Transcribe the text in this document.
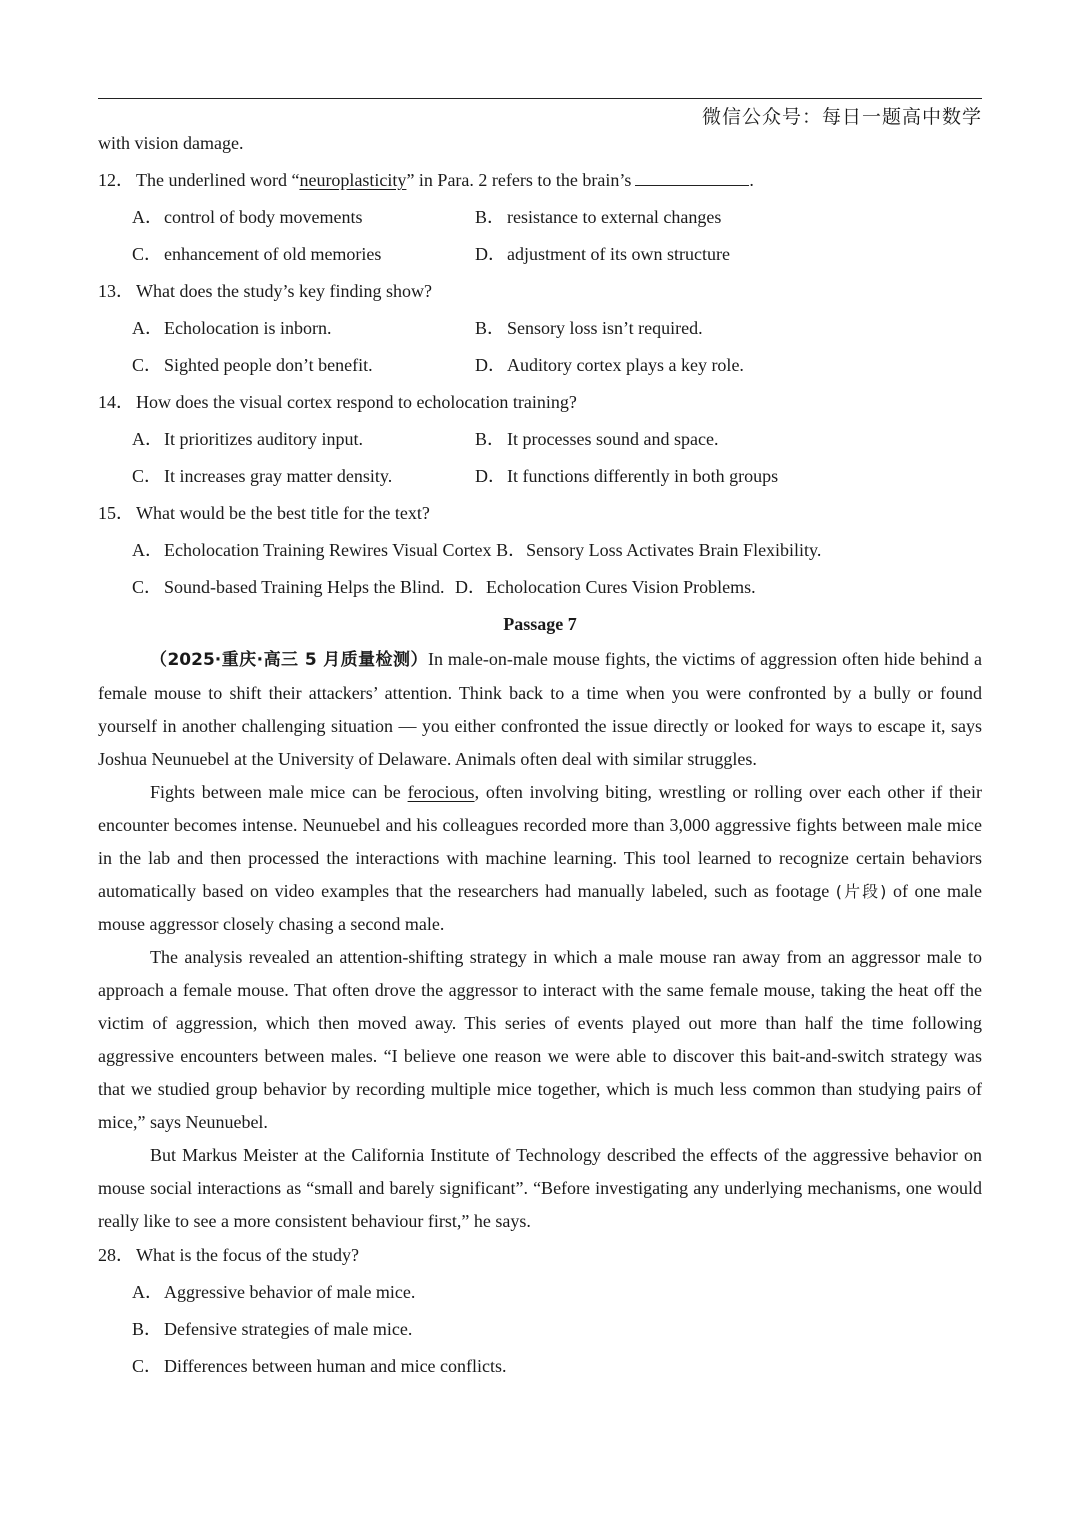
微信公众号：每日一题高中数学
with vision damage.
12． The underlined word “neuroplasticity” in Para. 2 refers to the brain’s	.
A． control of body movements	B． resistance to external changes
C． enhancement of old memories	D． adjustment of its own structure
13． What does the study’s key finding show?
A． Echolocation is inborn.	B． Sensory loss isn’t required.
C． Sighted people don’t benefit.	D． Auditory cortex plays a key role.
14． How does the visual cortex respond to echolocation training?
A． It prioritizes auditory input.	B． It processes sound and space.
C． It increases gray matter density.	D． It functions differently in both groups
15． What would be the best title for the text?
A．Echolocation Training Rewires Visual Cortex B．Sensory Loss Activates Brain Flexibility.
C． Sound-based Training Helps the Blind. D．Echolocation Cures Vision Problems.
Passage 7

（2025·重庆·高三 5 月质量检测）In male-on-male mouse fights, the victims of aggression often hide behind a female mouse to shift their attackers’ attention. Think back to a time when you were confronted by a bully or found yourself in another challenging situation — you either confronted the issue directly or looked for ways to escape it, says Joshua Neunuebel at the University of Delaware. Animals often deal with similar struggles.

Fights between male mice can be ferocious, often involving biting, wrestling or rolling over each other if their encounter becomes intense. Neunuebel and his colleagues recorded more than 3,000 aggressive fights between male mice in the lab and then processed the interactions with machine learning. This tool learned to recognize certain behaviors automatically based on video examples that the researchers had manually labeled, such as footage (片段) of one male mouse aggressor closely chasing a second male.

The analysis revealed an attention-shifting strategy in which a male mouse ran away from an aggressor male to approach a female mouse. That often drove the aggressor to interact with the same female mouse, taking the heat off the victim of aggression, which then moved away. This series of events played out more than half the time following aggressive encounters between males. “I believe one reason we were able to discover this bait-and-switch strategy was that we studied group behavior by recording multiple mice together, which is much less common than studying pairs of mice,” says Neunuebel.

But Markus Meister at the California Institute of Technology described the effects of the aggressive behavior on mouse social interactions as “small and barely significant”. “Before investigating any underlying mechanisms, one would really like to see a more consistent behaviour first,” he says.

28． What is the focus of the study?
A．Aggressive behavior of male mice.
B． Defensive strategies of male mice.
C． Differences between human and mice conflicts.
